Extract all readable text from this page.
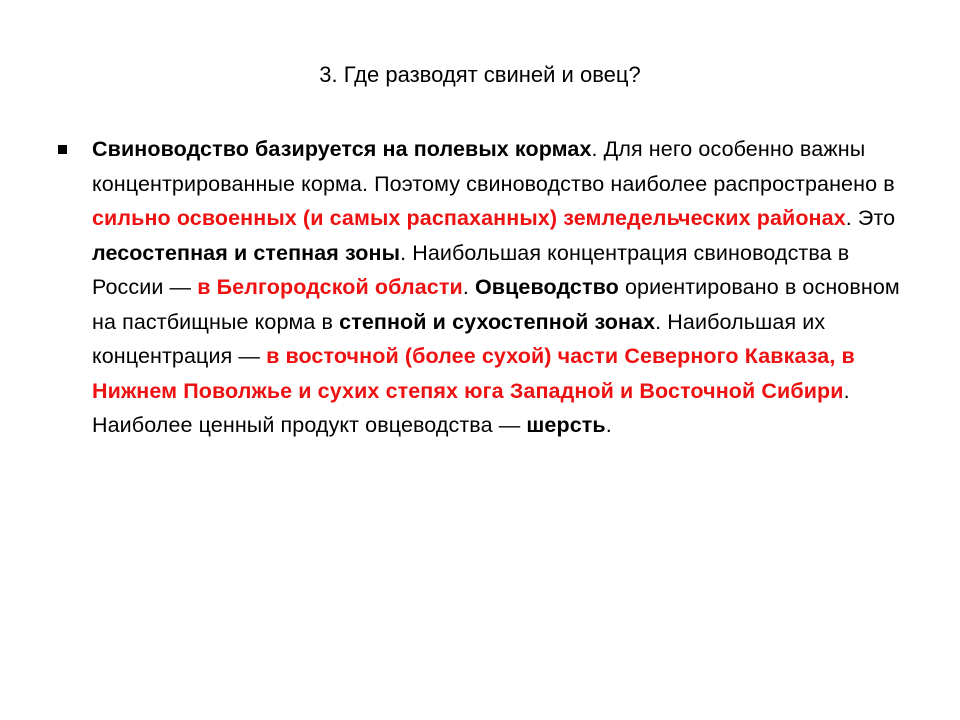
3. Где разводят свиней и овец?
Свиноводство базируется на полевых кормах. Для него особенно важны концентрированные корма. Поэтому свиноводство наиболее распространено в сильно освоенных (и самых распаханных) земледельческих районах. Это лесостепная и степная зоны. Наибольшая концентрация свиноводства в России — в Белгородской области. Овцеводство ориентировано в основном на пастбищные корма в степной и сухостепной зонах. Наибольшая их концентрация — в восточной (более сухой) части Северного Кавказа, в Нижнем Поволжье и сухих степях юга Западной и Восточной Сибири. Наиболее ценный продукт овцеводства — шерсть.
